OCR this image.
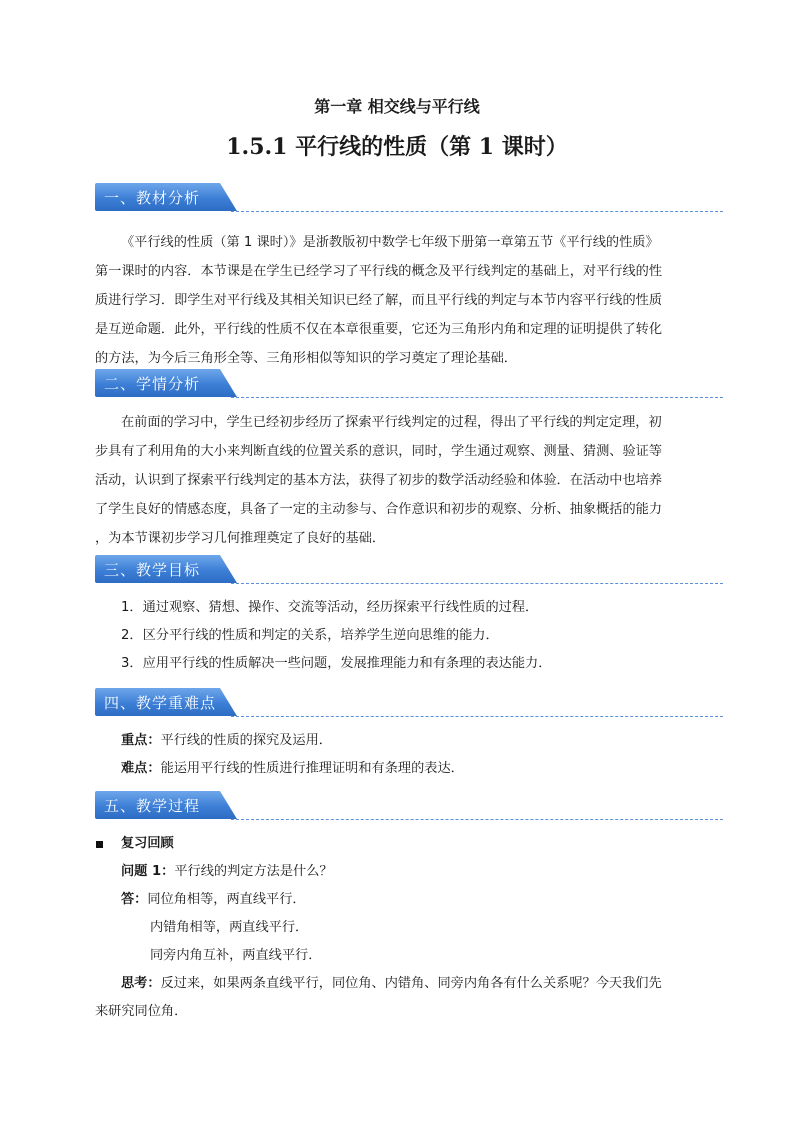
第一章 相交线与平行线
1.5.1 平行线的性质（第 1 课时）
一、教材分析
《平行线的性质（第 1 课时）》是浙教版初中数学七年级下册第一章第五节《平行线的性质》
第一课时的内容．本节课是在学生已经学习了平行线的概念及平行线判定的基础上，对平行线的性
质进行学习．即学生对平行线及其相关知识已经了解，而且平行线的判定与本节内容平行线的性质
是互逆命题．此外，平行线的性质不仅在本章很重要，它还为三角形内角和定理的证明提供了转化
的方法，为今后三角形全等、三角形相似等知识的学习奠定了理论基础．
二、学情分析
在前面的学习中，学生已经初步经历了探索平行线判定的过程，得出了平行线的判定定理，初
步具有了利用角的大小来判断直线的位置关系的意识，同时，学生通过观察、测量、猜测、验证等
活动，认识到了探索平行线判定的基本方法，获得了初步的数学活动经验和体验．在活动中也培养
了学生良好的情感态度，具备了一定的主动参与、合作意识和初步的观察、分析、抽象概括的能力
，为本节课初步学习几何推理奠定了良好的基础．
三、教学目标
1．通过观察、猜想、操作、交流等活动，经历探索平行线性质的过程．
2．区分平行线的性质和判定的关系，培养学生逆向思维的能力．
3．应用平行线的性质解决一些问题，发展推理能力和有条理的表达能力．
四、教学重难点
重点：平行线的性质的探究及运用．
难点：能运用平行线的性质进行推理证明和有条理的表达．
五、教学过程
复习回顾
问题 1：平行线的判定方法是什么？
答：同位角相等，两直线平行．
内错角相等，两直线平行．
同旁内角互补，两直线平行．
思考：反过来，如果两条直线平行，同位角、内错角、同旁内角各有什么关系呢？今天我们先
来研究同位角．
